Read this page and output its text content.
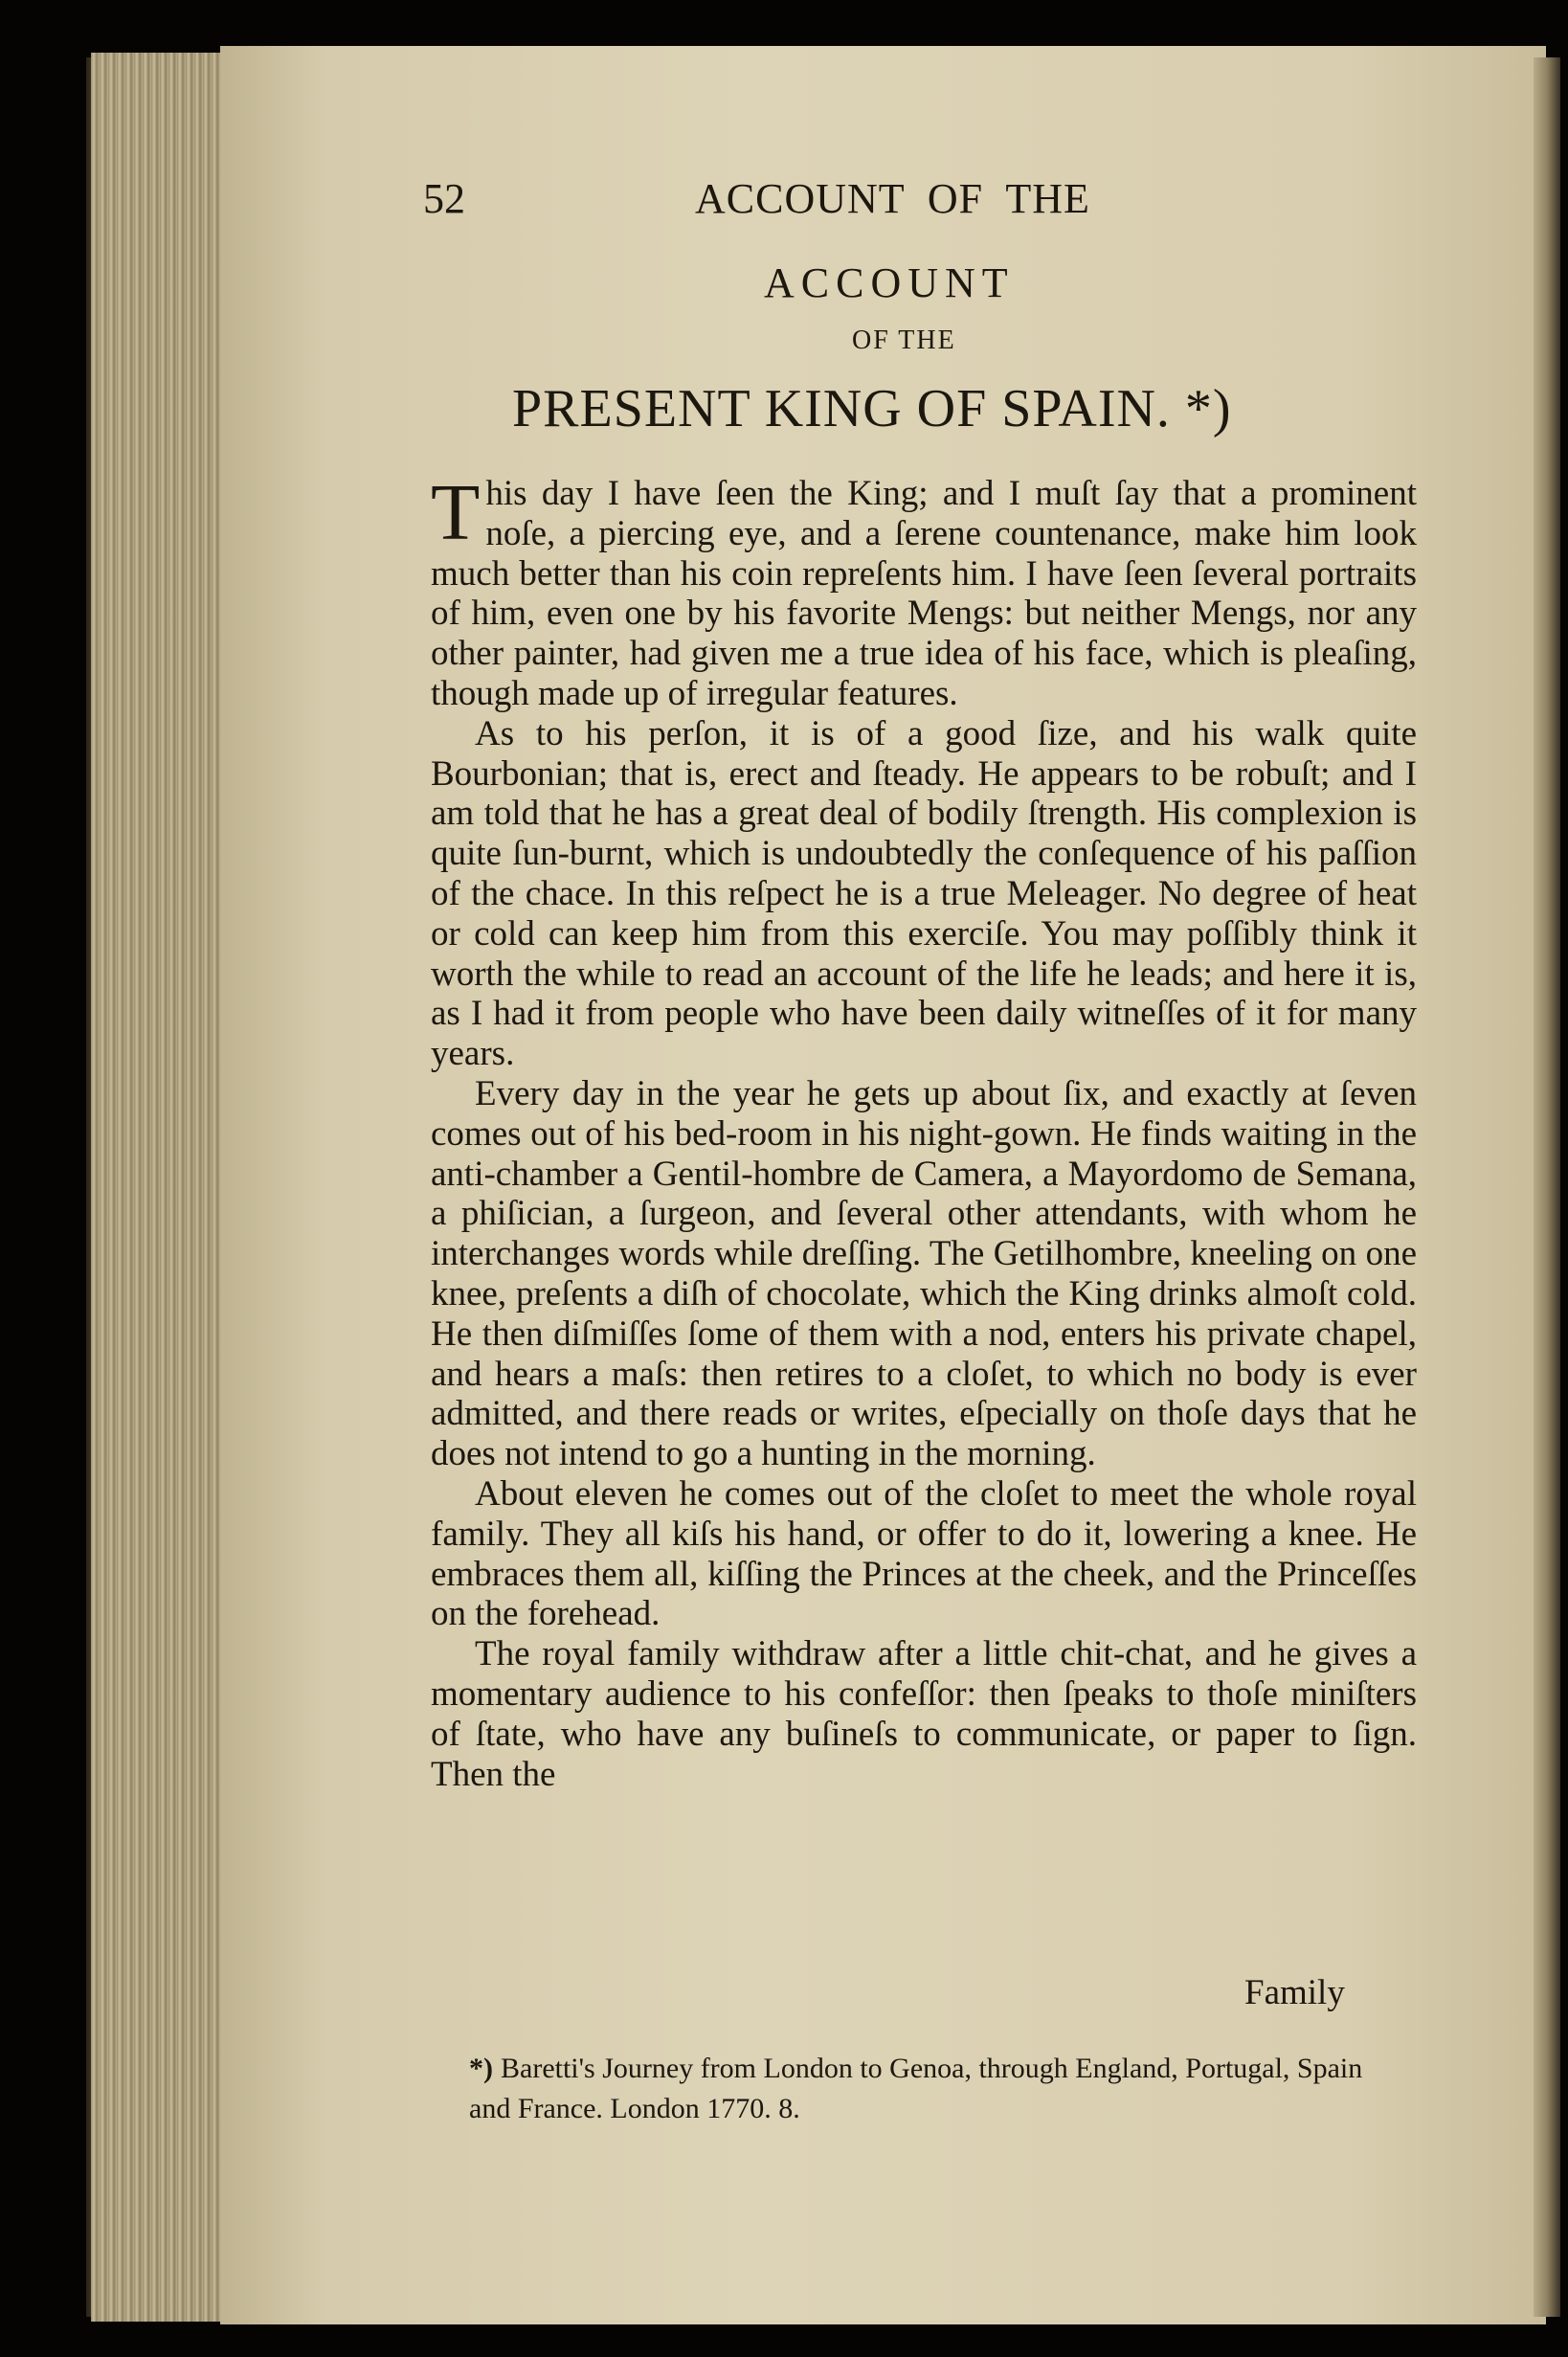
52	ACCOUNT  OF  THE
ACCOUNT
OF THE
PRESENT KING OF SPAIN. *)

This day I have ſeen the King; and I muſt ſay that a prominent noſe, a piercing eye, and a ſerene countenance, make him look much better than his coin repreſents him. I have ſeen ſeveral portraits of him, even one by his favorite Mengs: but neither Mengs, nor any other painter, had given me a true idea of his face, which is pleaſing, though made up of irregular features.

As to his perſon, it is of a good ſize, and his walk quite Bourbonian; that is, erect and ſteady. He appears to be robuſt; and I am told that he has a great deal of bodily ſtrength. His complexion is quite ſun-burnt, which is undoubtedly the conſequence of his paſſion of the chace. In this reſpect he is a true Meleager. No degree of heat or cold can keep him from this exerciſe. You may poſſibly think it worth the while to read an account of the life he leads; and here it is, as I had it from people who have been daily witneſſes of it for many years.

Every day in the year he gets up about ſix, and exactly at ſeven comes out of his bed-room in his night-gown. He finds waiting in the anti-chamber a Gentil-hombre de Camera, a Mayordomo de Semana, a phiſician, a ſurgeon, and ſeveral other attendants, with whom he interchanges words while dreſſing. The Getilhombre, kneeling on one knee, preſents a diſh of chocolate, which the King drinks almoſt cold. He then diſmiſſes ſome of them with a nod, enters his private chapel, and hears a maſs: then retires to a cloſet, to which no body is ever admitted, and there reads or writes, eſpecially on thoſe days that he does not intend to go a hunting in the morning.

About eleven he comes out of the cloſet to meet the whole royal family. They all kiſs his hand, or offer to do it, lowering a knee. He embraces them all, kiſſing the Princes at the cheek, and the Princeſſes on the forehead.

The royal family withdraw after a little chit-chat, and he gives a momentary audience to his confeſſor: then ſpeaks to thoſe miniſters of ſtate, who have any buſineſs to communicate, or paper to ſign. Then the

Family
*) Baretti's Journey from London to Genoa, through England, Portugal, Spain and France. London 1770. 8.
